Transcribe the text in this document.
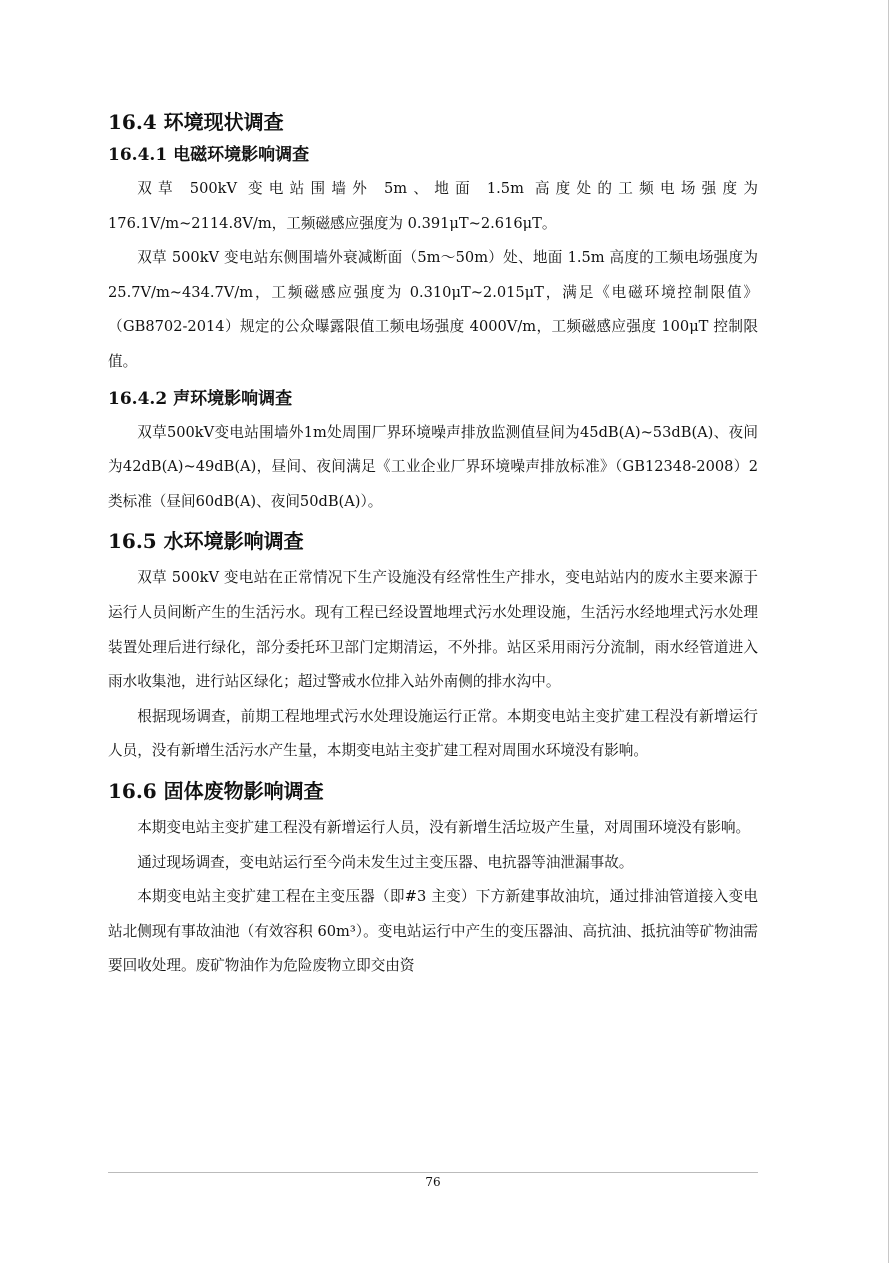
16.4 环境现状调查
16.4.1 电磁环境影响调查

双草 500kV 变电站围墙外 5m、地面 1.5m 高度处的工频电场强度为 176.1V/m~2114.8V/m，工频磁感应强度为 0.391μT~2.616μT。

双草 500kV 变电站东侧围墙外衰减断面（5m～50m）处、地面 1.5m 高度的工频电场强度为 25.7V/m~434.7V/m，工频磁感应强度为 0.310μT~2.015μT，满足《电磁环境控制限值》（GB8702-2014）规定的公众曝露限值工频电场强度 4000V/m，工频磁感应强度 100μT 控制限值。

16.4.2 声环境影响调查

双草500kV变电站围墙外1m处周围厂界环境噪声排放监测值昼间为45dB(A)~53dB(A)、夜间为42dB(A)~49dB(A)，昼间、夜间满足《工业企业厂界环境噪声排放标准》（GB12348-2008）2类标准（昼间60dB(A)、夜间50dB(A)）。

16.5 水环境影响调查

双草 500kV 变电站在正常情况下生产设施没有经常性生产排水，变电站站内的废水主要来源于运行人员间断产生的生活污水。现有工程已经设置地埋式污水处理设施，生活污水经地埋式污水处理装置处理后进行绿化，部分委托环卫部门定期清运，不外排。站区采用雨污分流制，雨水经管道进入雨水收集池，进行站区绿化；超过警戒水位排入站外南侧的排水沟中。

根据现场调查，前期工程地埋式污水处理设施运行正常。本期变电站主变扩建工程没有新增运行人员，没有新增生活污水产生量，本期变电站主变扩建工程对周围水环境没有影响。

16.6 固体废物影响调查

本期变电站主变扩建工程没有新增运行人员，没有新增生活垃圾产生量，对周围环境没有影响。

通过现场调查，变电站运行至今尚未发生过主变压器、电抗器等油泄漏事故。

本期变电站主变扩建工程在主变压器（即#3 主变）下方新建事故油坑，通过排油管道接入变电站北侧现有事故油池（有效容积 60m³）。变电站运行中产生的变压器油、高抗油、抵抗油等矿物油需要回收处理。废矿物油作为危险废物立即交由资

76
